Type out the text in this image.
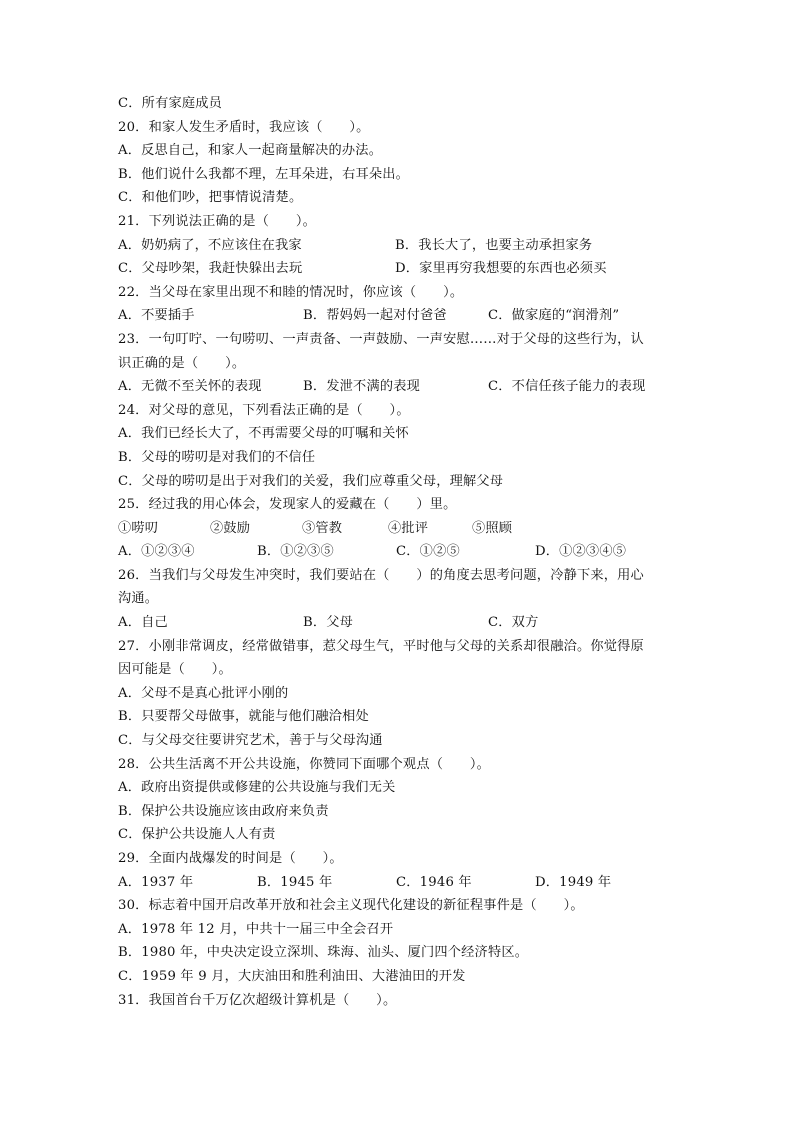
C．所有家庭成员
20．和家人发生矛盾时，我应该（　　）。
A．反思自己，和家人一起商量解决的办法。
B．他们说什么我都不理，左耳朵进，右耳朵出。
C．和他们吵，把事情说清楚。
21．下列说法正确的是（　　）。
A．奶奶病了，不应该住在我家	B．我长大了，也要主动承担家务
C．父母吵架，我赶快躲出去玩	D．家里再穷我想要的东西也必须买
22．当父母在家里出现不和睦的情况时，你应该（　　）。
A．不要插手	B．帮妈妈一起对付爸爸	C．做家庭的“润滑剂”
23．一句叮咛、一句唠叨、一声责备、一声鼓励、一声安慰……对于父母的这些行为，认
识正确的是（　　）。
A．无微不至关怀的表现	B．发泄不满的表现	C．不信任孩子能力的表现
24．对父母的意见，下列看法正确的是（　　）。
A．我们已经长大了，不再需要父母的叮嘱和关怀
B．父母的唠叨是对我们的不信任
C．父母的唠叨是出于对我们的关爱，我们应尊重父母，理解父母
25．经过我的用心体会，发现家人的爱藏在（　　）里。
①唠叨	②鼓励	③管教	④批评	⑤照顾
A．①②③④	B．①②③⑤	C．①②⑤	D．①②③④⑤
26．当我们与父母发生冲突时，我们要站在（　　）的角度去思考问题，冷静下来，用心
沟通。
A．自己	B．父母	C．双方
27．小刚非常调皮，经常做错事，惹父母生气，平时他与父母的关系却很融洽。你觉得原
因可能是（　　）。
A．父母不是真心批评小刚的
B．只要帮父母做事，就能与他们融洽相处
C．与父母交往要讲究艺术，善于与父母沟通
28．公共生活离不开公共设施，你赞同下面哪个观点（　　）。
A．政府出资提供或修建的公共设施与我们无关
B．保护公共设施应该由政府来负责
C．保护公共设施人人有责
29．全面内战爆发的时间是（　　）。
A．1937 年	B．1945 年	C．1946 年	D．1949 年
30．标志着中国开启改革开放和社会主义现代化建设的新征程事件是（　　）。
A．1978 年 12 月，中共十一届三中全会召开
B．1980 年，中央决定设立深圳、珠海、汕头、厦门四个经济特区。
C．1959 年 9 月，大庆油田和胜利油田、大港油田的开发
31．我国首台千万亿次超级计算机是（　　）。
